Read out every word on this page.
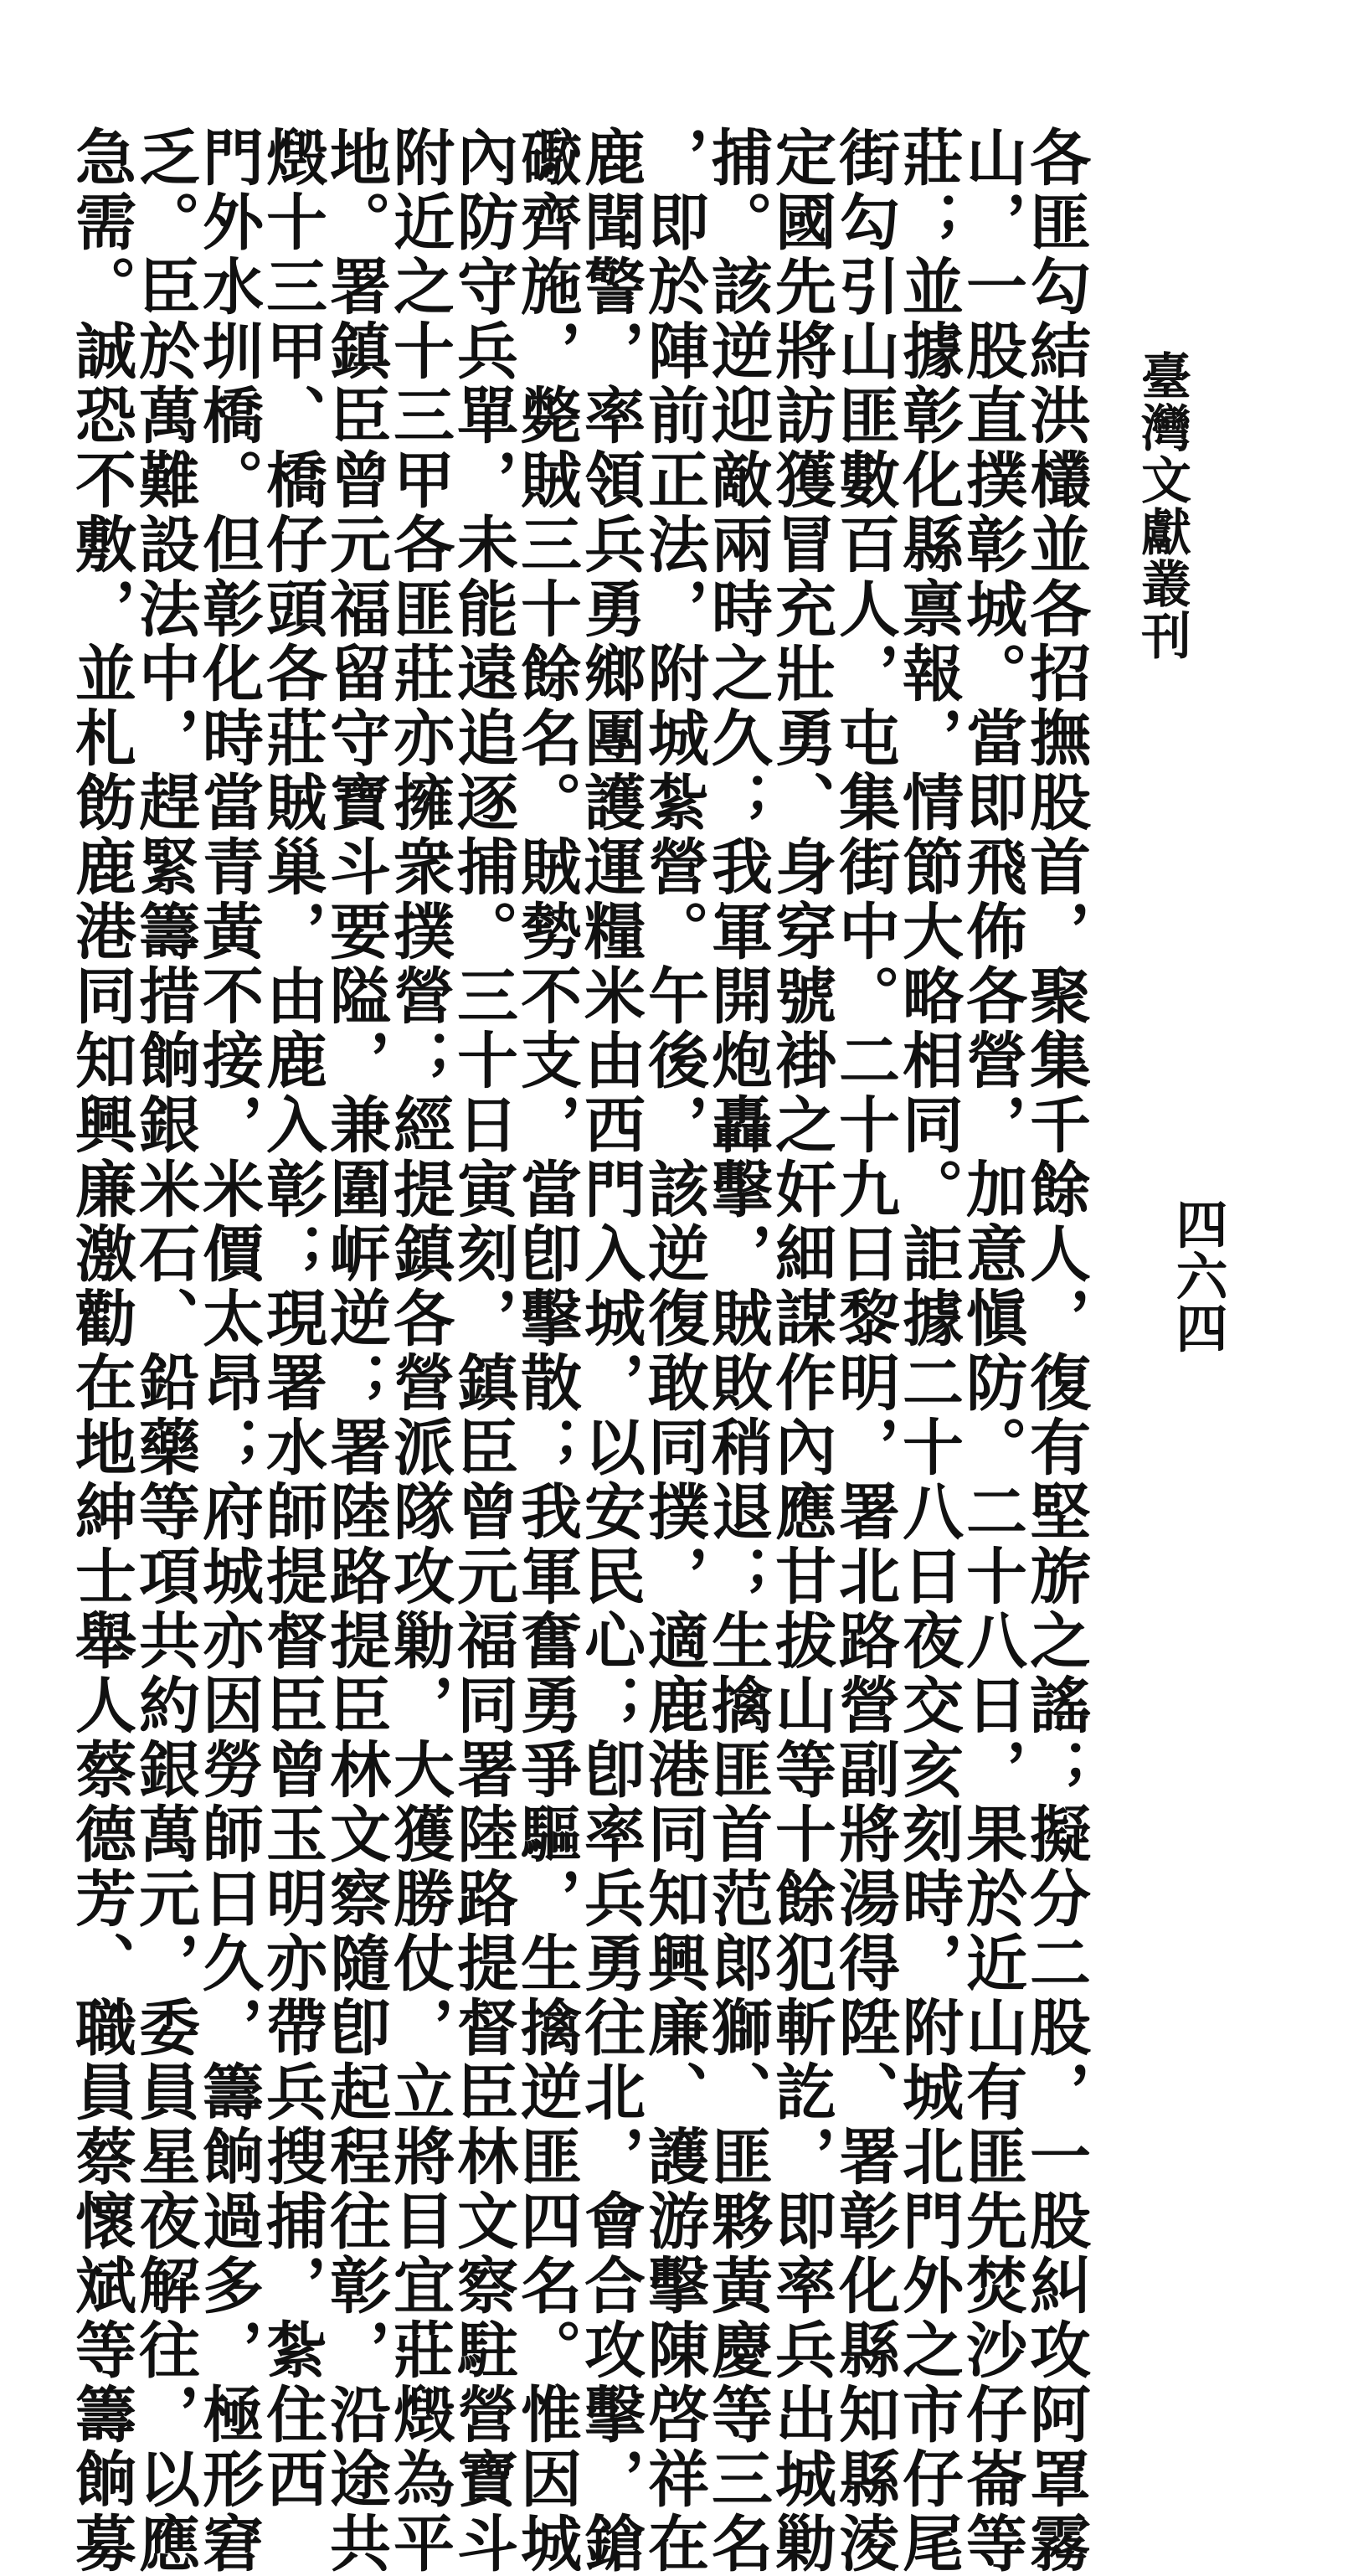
臺灣文獻叢刊
四六四
各匪勾結洪欉並各招撫股首，聚集千餘人，復有堅旂之謠；擬分二股，一股糾攻阿罩霧
山，一股直撲彰城。當即飛佈各營，加意愼防。二十八日，果於近山有匪先焚沙仔崙等
莊；並據彰化縣禀報，情節大略相同。詎據二十八日夜交亥刻時，附城北門外之市仔尾
街勾引山匪數百人，屯集街中。二十九日黎明，署北路營副將湯得陞、署彰化縣知縣淩
定國先將訪獲冒充壯勇、身穿號褂之奸細謀作內應甘拔山等十餘犯斬訖，即率兵出城勦
捕。該逆迎敵兩時之久；我軍開炮轟擊，賊敗稍退；生擒匪首范郞獅、匪夥黃慶等三名
，即於陣前正法，附城紮營。午後，該逆復敢同撲，適鹿港同知興廉、護游擊陳啓祥在
鹿聞警，率領兵勇鄉團護運糧米由西門入城，以安民心；卽率兵勇往北，會合攻擊，鎗
礮齊施，斃賊三十餘名。賊勢不支，當卽擊散；我軍奮勇爭驅，生擒逆匪四名。惟因城
內防守兵單，未能遠追逐捕。三十日寅刻，鎮臣曾元福同署陸路提督臣林文察駐營寶斗
附近之十三甲各匪莊亦擁衆撲營；經提鎮各營派隊攻勦，大獲勝仗，立將目宜莊燬為平
地。署鎮臣曾元福留守寶斗要隘，兼圍㟁逆；署陸路提臣林文察隨卽起程往彰，沿途共
燬十三甲、橋仔頭各莊賊巢，由鹿入彰；現署水師提督臣曾玉明亦帶兵搜捕，紮住西
門外水圳橋。但彰化時當青黃不接，米價太昂；府城亦因勞師日久，籌餉過多，極形窘
乏。臣於萬難設法中，趕緊籌措餉銀米石、鉛藥等項共約銀萬元，委員星夜解往，以應
急需。誠恐不敷，並札飭鹿港同知興廉激勸在地紳士舉人蔡德芳、職員蔡懷斌等籌餉募
